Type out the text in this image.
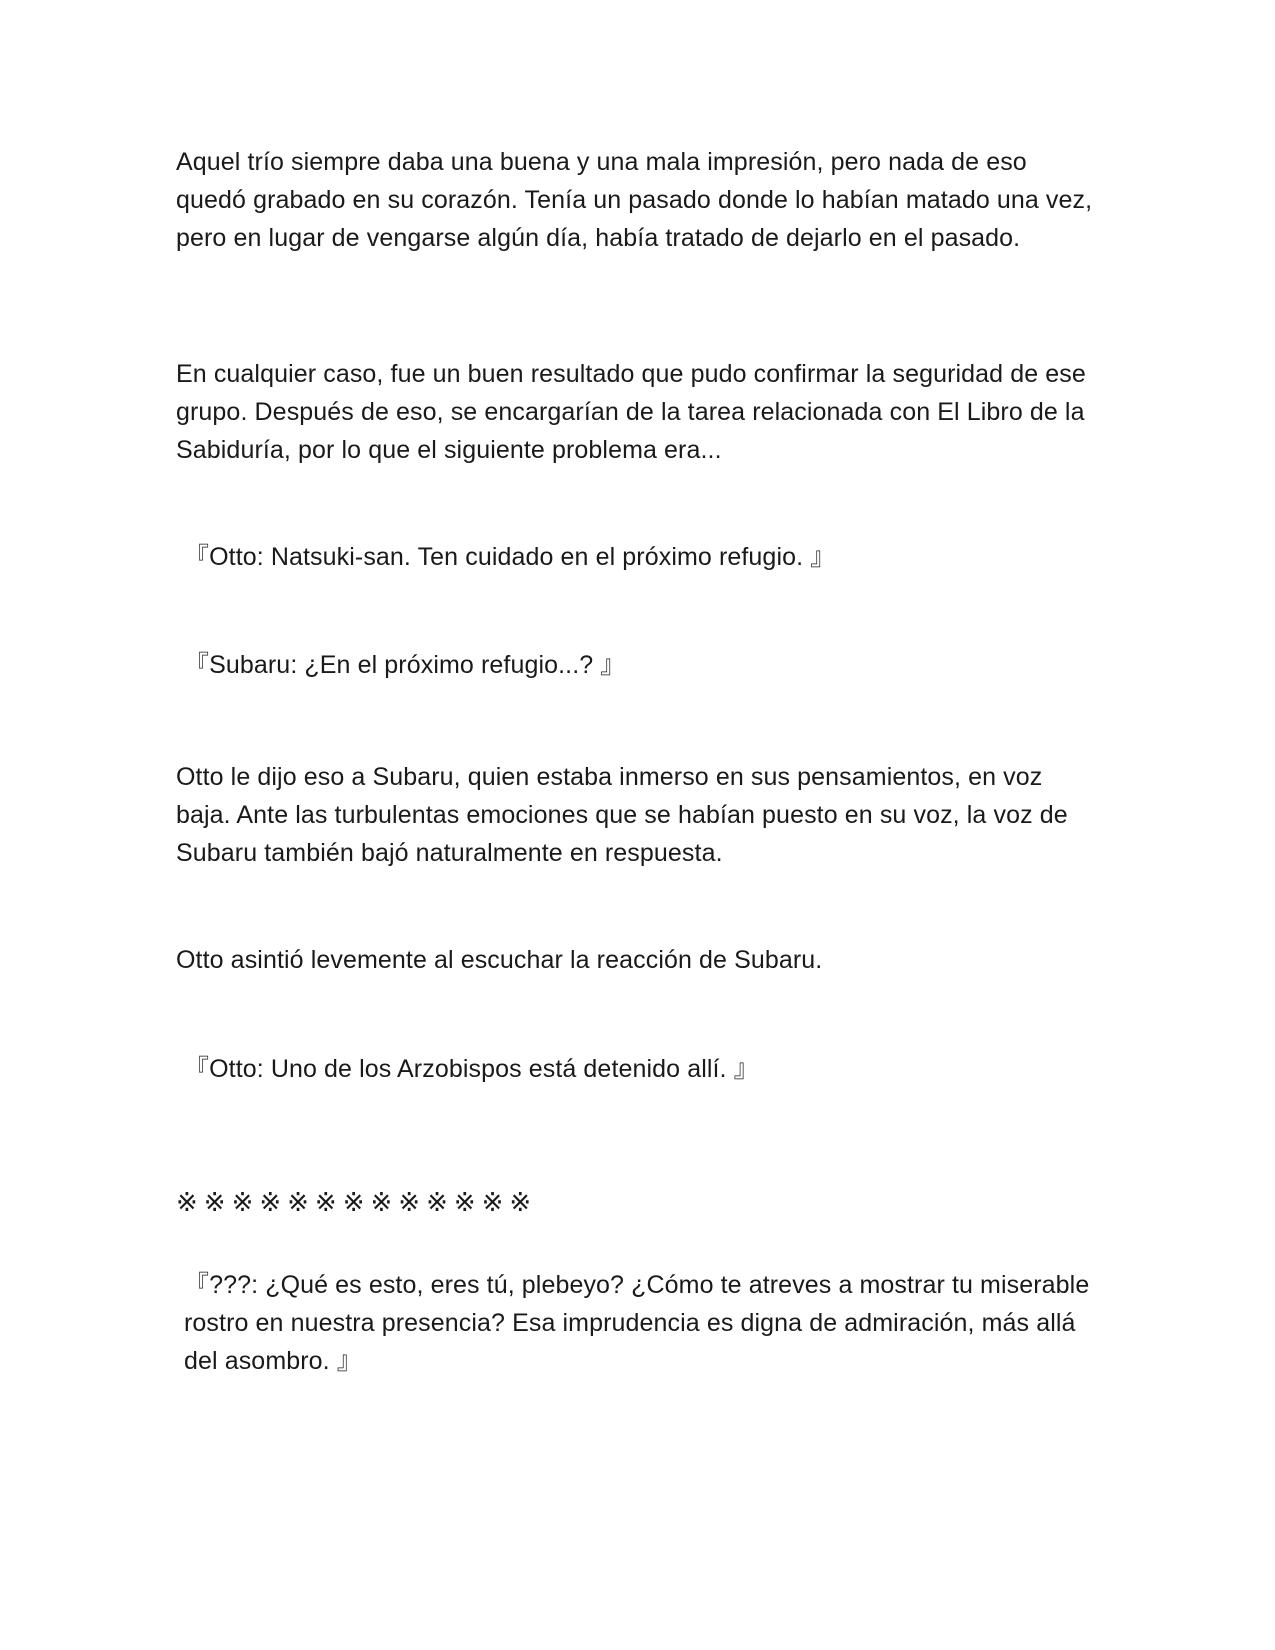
Aquel trío siempre daba una buena y una mala impresión, pero nada de eso quedó grabado en su corazón. Tenía un pasado donde lo habían matado una vez, pero en lugar de vengarse algún día, había tratado de dejarlo en el pasado.

En cualquier caso, fue un buen resultado que pudo confirmar la seguridad de ese grupo. Después de eso, se encargarían de la tarea relacionada con El Libro de la Sabiduría, por lo que el siguiente problema era...

『Otto: Natsuki-san. Ten cuidado en el próximo refugio. 』

『Subaru: ¿En el próximo refugio...? 』

Otto le dijo eso a Subaru, quien estaba inmerso en sus pensamientos, en voz baja. Ante las turbulentas emociones que se habían puesto en su voz, la voz de Subaru también bajó naturalmente en respuesta.

Otto asintió levemente al escuchar la reacción de Subaru.

『Otto: Uno de los Arzobispos está detenido allí. 』

※※※※※※※※※※※※※

『???: ¿Qué es esto, eres tú, plebeyo? ¿Cómo te atreves a mostrar tu miserable rostro en nuestra presencia? Esa imprudencia es digna de admiración, más allá del asombro. 』
